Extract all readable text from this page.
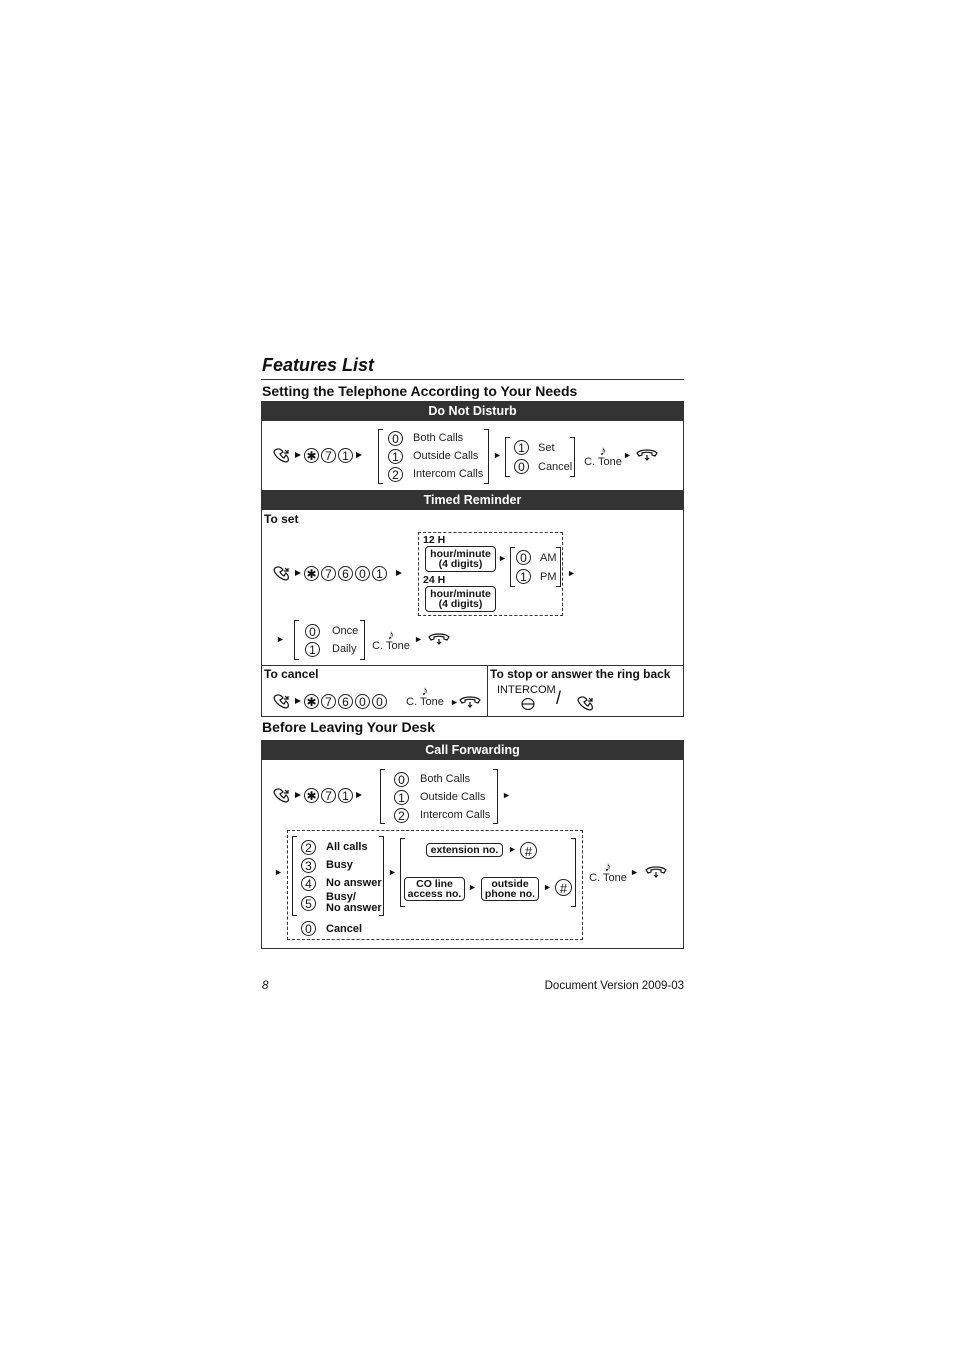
Features List
Setting the Telephone According to Your Needs
Do Not Disturb
✱ 7 1
0	Both Calls
1	Outside Calls
2	Intercom Calls
1	Set
0	Cancel
♪
C. Tone
Timed Reminder
To set
✱ 7 6 0 1
12 H
hour/minute
(4 digits)	0	AM
1	PM
24 H
hour/minute
(4 digits)
0	Once
1	Daily
♪
C. Tone
To cancel
✱ 7 6 0 0
♪
C. Tone
To stop or answer the ring back
INTERCOM /
Before Leaving Your Desk
Call Forwarding
✱ 7 1
0	Both Calls
1	Outside Calls
2	Intercom Calls
2	All calls
3	Busy
4	No answer
5	Busy/
No answer
0	Cancel
extension no.	#
CO line
access no.
outside
phone no.	#
♪
C. Tone
8	Document Version 2009-03
